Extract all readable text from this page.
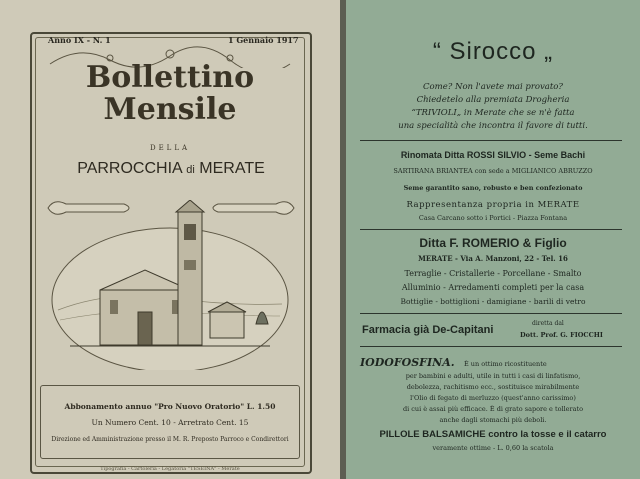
Anno IX - N. 1	1 Gennaio 1917
Bollettino Mensile
DELLA
PARROCCHIA di MERATE
Abbonamento annuo "Pro Nuovo Oratorio" L. 1.50
Un Numero Cent. 10 - Arretrato Cent. 15
Direzione ed Amministrazione presso il M. R. Preposto Parroco e Condirettori
Tipografia - Cartoleria - Legatoria "TESEINA" - Merate
“ Sirocco „
Come? Non l'avete mai provato?
Chiedetelo alla premiata Drogheria
“TRIVIOLI„ in Merate che se n'è fatta
una specialità che incontra il favore di tutti.
Rinomata Ditta ROSSI SILVIO - Seme Bachi
SARTIRANA BRIANTEA con sede a MIGLIANICO ABRUZZO
Seme garantito sano, robusto e ben confezionato
Rappresentanza propria in MERATE
Casa Carcano sotto i Portici - Piazza Fontana
Ditta F. ROMERIO & Figlio
MERATE - Via A. Manzoni, 22 - Tel. 16
Terraglie - Cristallerie - Porcellane - Smalto
Alluminio - Arredamenti completi per la casa
Bottiglie - bottiglioni - damigiane - barili di vetro
Farmacia già De-Capitani
diretta dal
Dott. Prof. G. FIOCCHI
IODOFOSFINA. È un ottimo ricostituente
per bambini e adulti, utile in tutti i casi di linfatismo,
debolezza, rachitismo ecc., sostituisce mirabilmente
l'Olio di fegato di merluzzo (quest'anno carissimo)
di cui è assai più efficace. È di grato sapore e tollerato
anche dagli stomachi più deboli.
PILLOLE BALSAMICHE contro la tosse e il catarro
veramente ottime - L. 0,60 la scatola
